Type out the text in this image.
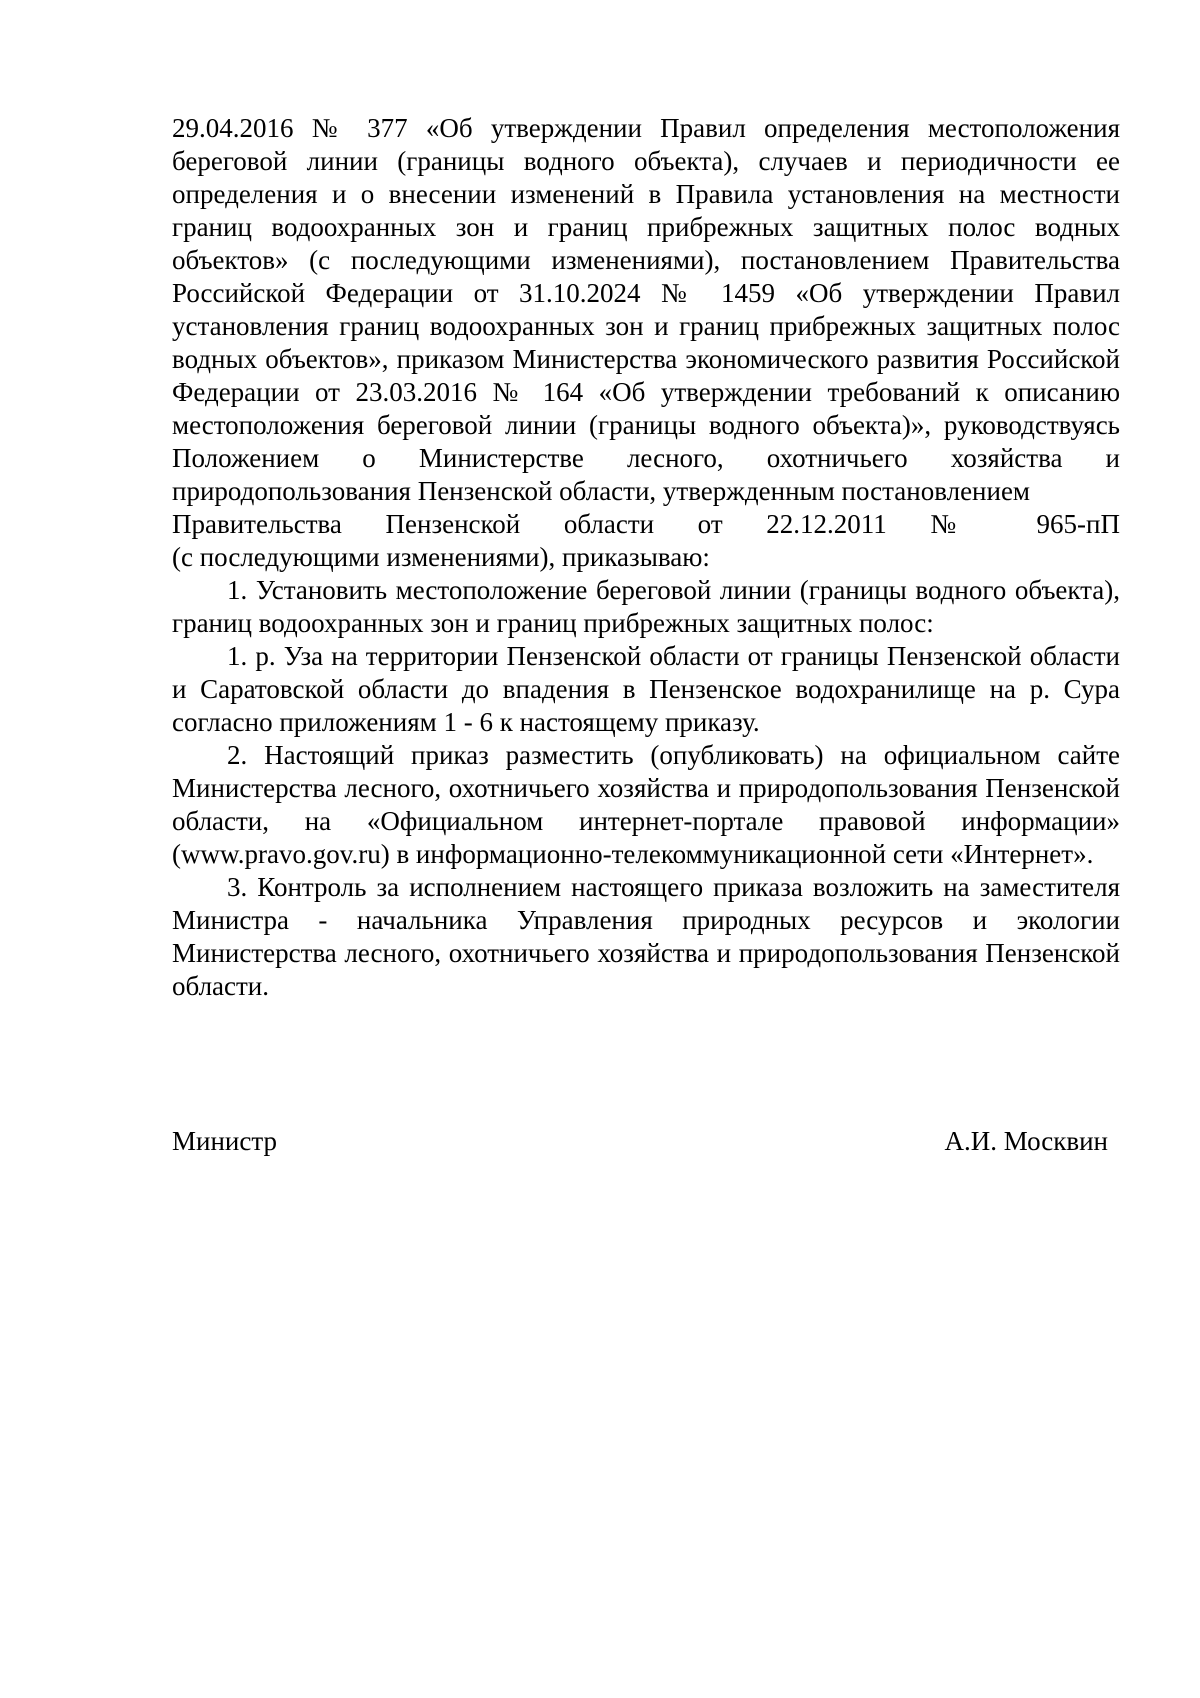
29.04.2016 № 377 «Об утверждении Правил определения местоположения береговой линии (границы водного объекта), случаев и периодичности ее определения и о внесении изменений в Правила установления на местности границ водоохранных зон и границ прибрежных защитных полос водных объектов» (с последующими изменениями), постановлением Правительства Российской Федерации от 31.10.2024 № 1459 «Об утверждении Правил установления границ водоохранных зон и границ прибрежных защитных полос водных объектов», приказом Министерства экономического развития Российской Федерации от 23.03.2016 № 164 «Об утверждении требований к описанию местоположения береговой линии (границы водного объекта)», руководствуясь Положением о Министерстве лесного, охотничьего хозяйства и природопользования Пензенской области, утвержденным постановлением

Правительства Пензенской области от 22.12.2011 № 965-пП

(с последующими изменениями), приказываю:

1. Установить местоположение береговой линии (границы водного объекта), границ водоохранных зон и границ прибрежных защитных полос:

1. р. Уза на территории Пензенской области от границы Пензенской области и Саратовской области до впадения в Пензенское водохранилище на р. Сура согласно приложениям 1 - 6 к настоящему приказу.

2. Настоящий приказ разместить (опубликовать) на официальном сайте Министерства лесного, охотничьего хозяйства и природопользования Пензенской области, на «Официальном интернет-портале правовой информации» (www.pravo.gov.ru) в информационно-телекоммуникационной сети «Интернет».

3. Контроль за исполнением настоящего приказа возложить на заместителя Министра - начальника Управления природных ресурсов и экологии Министерства лесного, охотничьего хозяйства и природопользования Пензенской области.

Министр	А.И. Москвин
